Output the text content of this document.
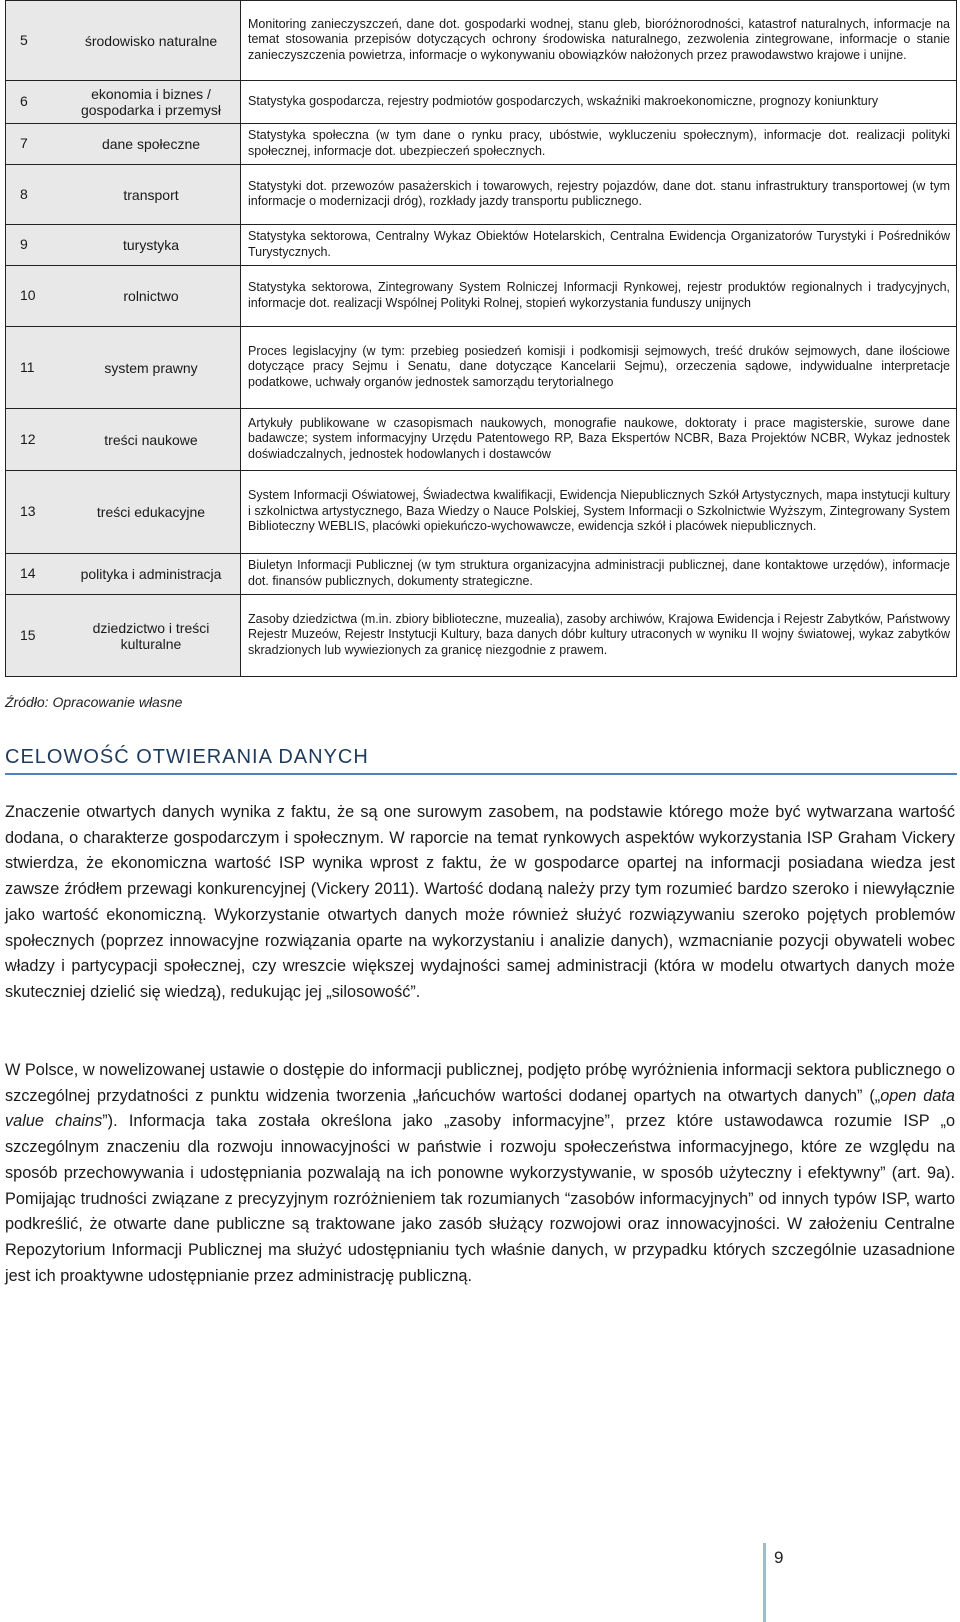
5	środowisko naturalne	Monitoring zanieczyszczeń, dane dot. gospodarki wodnej, stanu gleb, bioróżnorodności, katastrof naturalnych, informacje na temat stosowania przepisów dotyczących ochrony środowiska naturalnego, zezwolenia zintegrowane, informacje o stanie zanieczyszczenia powietrza, informacje o wykonywaniu obowiązków nałożonych przez prawodawstwo krajowe i unijne.
6	ekonomia i biznes / gospodarka i przemysł	Statystyka gospodarcza, rejestry podmiotów gospodarczych, wskaźniki makroekonomiczne, prognozy koniunktury
7	dane społeczne	Statystyka społeczna (w tym dane o rynku pracy, ubóstwie, wykluczeniu społecznym), informacje dot. realizacji polityki społecznej, informacje dot. ubezpieczeń społecznych.
8	transport	Statystyki dot. przewozów pasażerskich i towarowych, rejestry pojazdów, dane dot. stanu infrastruktury transportowej (w tym informacje o modernizacji dróg), rozkłady jazdy transportu publicznego.
9	turystyka	Statystyka sektorowa, Centralny Wykaz Obiektów Hotelarskich, Centralna Ewidencja Organizatorów Turystyki i Pośredników Turystycznych.
10	rolnictwo	Statystyka sektorowa, Zintegrowany System Rolniczej Informacji Rynkowej, rejestr produktów regionalnych i tradycyjnych, informacje dot. realizacji Wspólnej Polityki Rolnej, stopień wykorzystania funduszy unijnych
11	system prawny	Proces legislacyjny (w tym: przebieg posiedzeń komisji i podkomisji sejmowych, treść druków sejmowych, dane ilościowe dotyczące pracy Sejmu i Senatu, dane dotyczące Kancelarii Sejmu), orzeczenia sądowe, indywidualne interpretacje podatkowe, uchwały organów jednostek samorządu terytorialnego
12	treści naukowe	Artykuły publikowane w czasopismach naukowych, monografie naukowe, doktoraty i prace magisterskie, surowe dane badawcze; system informacyjny Urzędu Patentowego RP, Baza Ekspertów NCBR, Baza Projektów NCBR, Wykaz jednostek doświadczalnych, jednostek hodowlanych i dostawców
13	treści edukacyjne	System Informacji Oświatowej, Świadectwa kwalifikacji, Ewidencja Niepublicznych Szkół Artystycznych, mapa instytucji kultury i szkolnictwa artystycznego, Baza Wiedzy o Nauce Polskiej, System Informacji o Szkolnictwie Wyższym, Zintegrowany System Biblioteczny WEBLIS, placówki opiekuńczo-wychowawcze, ewidencja szkół i placówek niepublicznych.
14	polityka i administracja	Biuletyn Informacji Publicznej (w tym struktura organizacyjna administracji publicznej, dane kontaktowe urzędów), informacje dot. finansów publicznych, dokumenty strategiczne.
15	dziedzictwo i treści kulturalne	Zasoby dziedzictwa (m.in. zbiory biblioteczne, muzealia), zasoby archiwów, Krajowa Ewidencja i Rejestr Zabytków, Państwowy Rejestr Muzeów, Rejestr Instytucji Kultury, baza danych dóbr kultury utraconych w wyniku II wojny światowej, wykaz zabytków skradzionych lub wywiezionych za granicę niezgodnie z prawem.
Źródło: Opracowanie własne
CELOWOŚĆ OTWIERANIA DANYCH

Znaczenie otwartych danych wynika z faktu, że są one surowym zasobem, na podstawie którego może być wytwarzana wartość dodana, o charakterze gospodarczym i społecznym. W raporcie na temat rynkowych aspektów wykorzystania ISP Graham Vickery stwierdza, że ekonomiczna wartość ISP wynika wprost z faktu, że w gospodarce opartej na informacji posiadana wiedza jest zawsze źródłem przewagi konkurencyjnej (Vickery 2011). Wartość dodaną należy przy tym rozumieć bardzo szeroko i niewyłącznie jako wartość ekonomiczną. Wykorzystanie otwartych danych może również służyć rozwiązywaniu szeroko pojętych problemów społecznych (poprzez innowacyjne rozwiązania oparte na wykorzystaniu i analizie danych), wzmacnianie pozycji obywateli wobec władzy i partycypacji społecznej, czy wreszcie większej wydajności samej administracji (która w modelu otwartych danych może skuteczniej dzielić się wiedzą), redukując jej „silosowość”.

W Polsce, w nowelizowanej ustawie o dostępie do informacji publicznej, podjęto próbę wyróżnienia informacji sektora publicznego o szczególnej przydatności z punktu widzenia tworzenia „łańcuchów wartości dodanej opartych na otwartych danych” („open data value chains”). Informacja taka została określona jako „zasoby informacyjne”, przez które ustawodawca rozumie ISP „o szczególnym znaczeniu dla rozwoju innowacyjności w państwie i rozwoju społeczeństwa informacyjnego, które ze względu na sposób przechowywania i udostępniania pozwalają na ich ponowne wykorzystywanie, w sposób użyteczny i efektywny” (art. 9a). Pomijając trudności związane z precyzyjnym rozróżnieniem tak rozumianych “zasobów informacyjnych” od innych typów ISP, warto podkreślić, że otwarte dane publiczne są traktowane jako zasób służący rozwojowi oraz innowacyjności. W założeniu Centralne Repozytorium Informacji Publicznej ma służyć udostępnianiu tych właśnie danych, w przypadku których szczególnie uzasadnione jest ich proaktywne udostępnianie przez administrację publiczną.

9
